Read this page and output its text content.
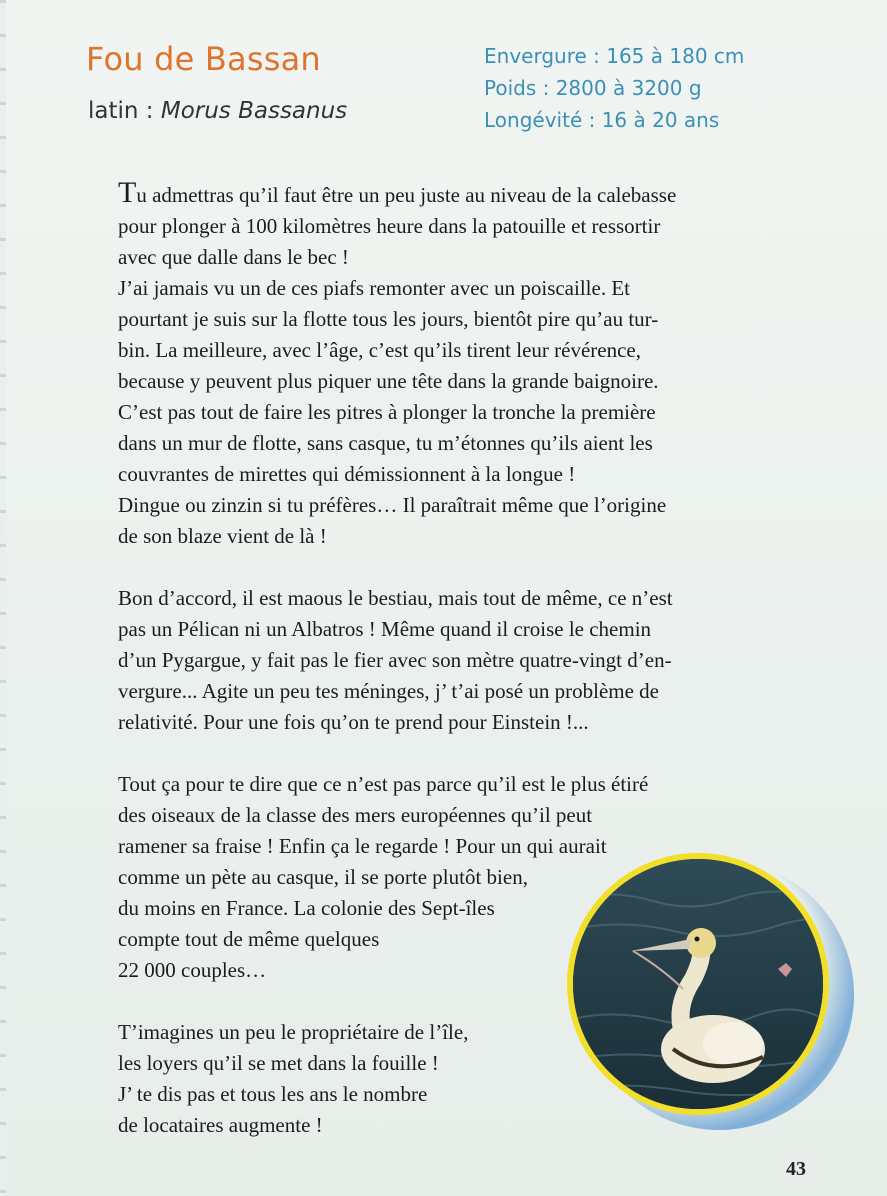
Fou de Bassan
latin : Morus Bassanus
Envergure : 165 à 180 cm
Poids : 2800 à 3200 g
Longévité : 16 à 20 ans
Tu admettras qu’il faut être un peu juste au niveau de la calebasse
pour plonger à 100 kilomètres heure dans la patouille et ressortir
avec que dalle dans le bec !
J’ai jamais vu un de ces piafs remonter avec un poiscaille. Et
pourtant je suis sur la flotte tous les jours, bientôt pire qu’au tur-
bin. La meilleure, avec l’âge, c’est qu’ils tirent leur révérence,
because y peuvent plus piquer une tête dans la grande baignoire.
C’est pas tout de faire les pitres à plonger la tronche la première
dans un mur de flotte, sans casque, tu m’étonnes qu’ils aient les
couvrantes de mirettes qui démissionnent à la longue !
Dingue ou zinzin si tu préfères… Il paraîtrait même que l’origine
de son blaze vient de là !
Bon d’accord, il est maous le bestiau, mais tout de même, ce n’est
pas un Pélican ni un Albatros ! Même quand il croise le chemin
d’un Pygargue, y fait pas le fier avec son mètre quatre-vingt d’en-
vergure... Agite un peu tes méninges, j’ t’ai posé un problème de
relativité. Pour une fois qu’on te prend pour Einstein !...
Tout ça pour te dire que ce n’est pas parce qu’il est le plus étiré
des oiseaux de la classe des mers européennes qu’il peut
ramener sa fraise ! Enfin ça le regarde ! Pour un qui aurait
comme un pète au casque, il se porte plutôt bien,
du moins en France. La colonie des Sept-îles
compte tout de même quelques
22 000 couples…
T’imagines un peu le propriétaire de l’île,
les loyers qu’il se met dans la fouille !
J’ te dis pas et tous les ans le nombre
de locataires augmente !
43
